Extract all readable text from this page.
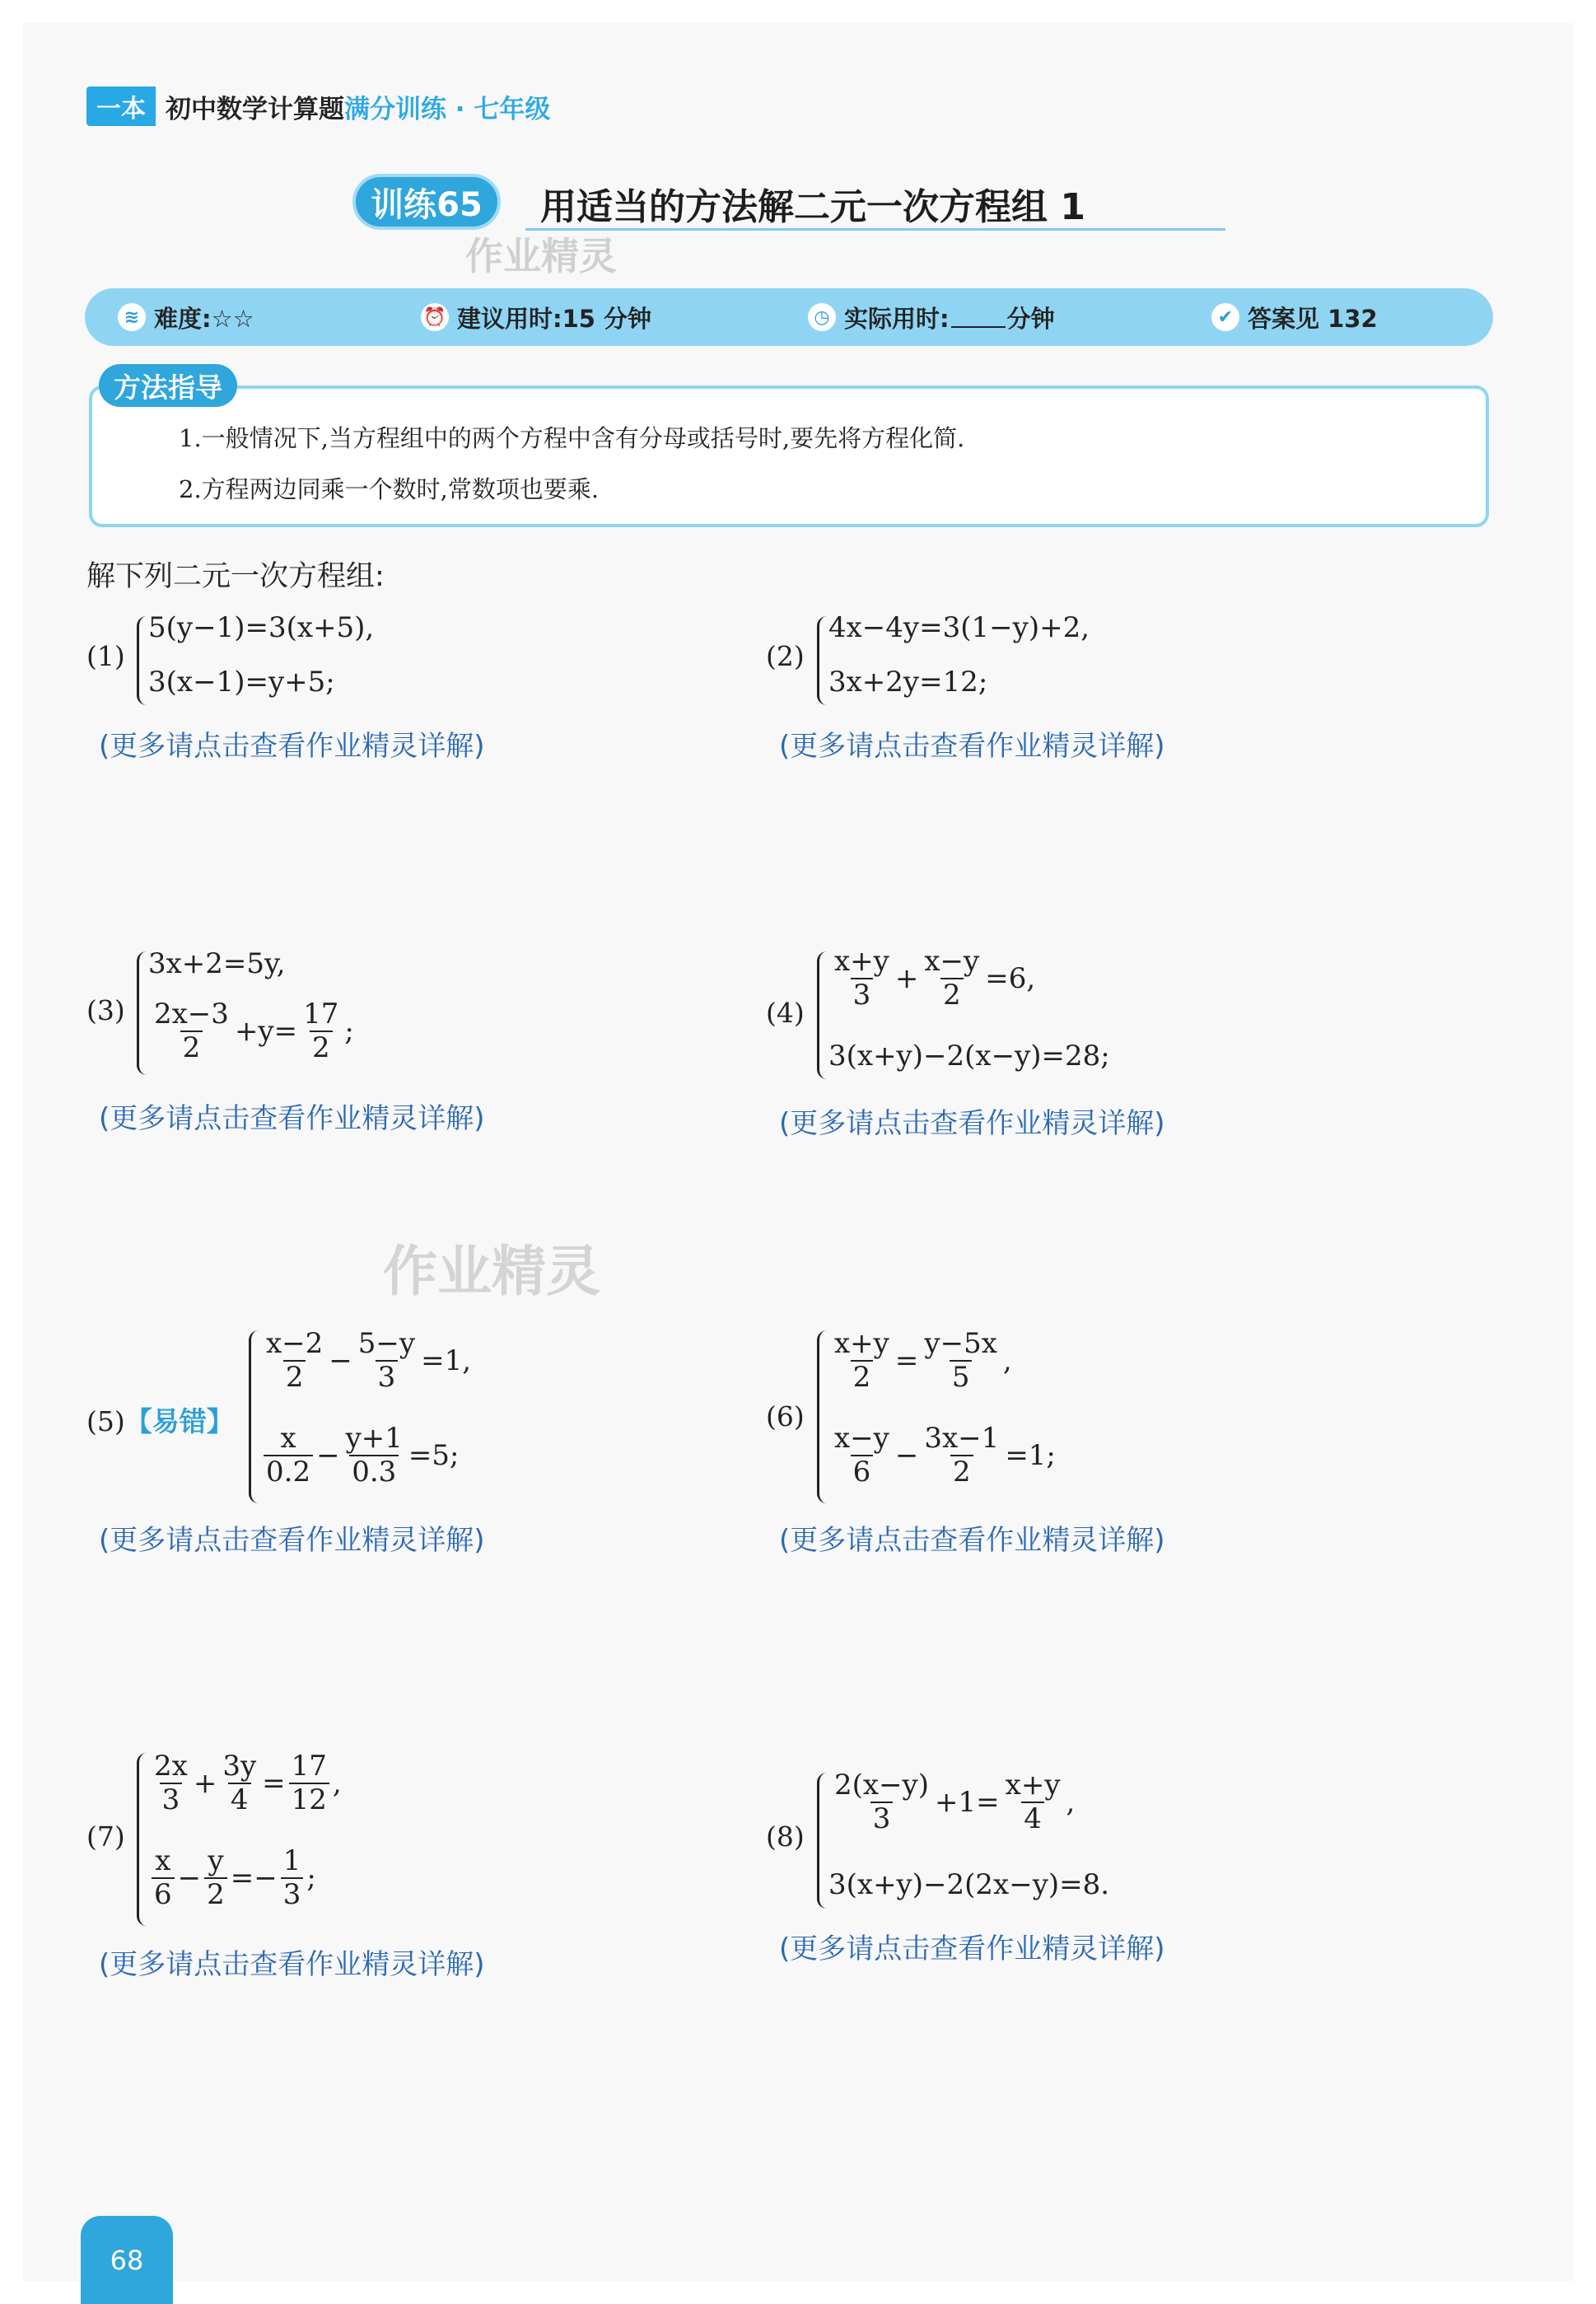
一本 初中数学计算题 满分训练 · 七年级
训练65	用适当的方法解二元一次方程组 1
作业精灵
≋ 难度:☆☆	⏰ 建议用时:15 分钟	◷ 实际用时: 分钟	✔ 答案见 132
方法指导
1.一般情况下,当方程组中的两个方程中含有分母或括号时,要先将方程化简.
2.方程两边同乘一个数时,常数项也要乘.
解下列二元一次方程组:
(1)
5(y−1)=3(x+5),
3(x−1)=y+5;
(更多请点击查看作业精灵详解)
(2)
4x−4y=3(1−y)+2,
3x+2y=12;
(更多请点击查看作业精灵详解)
(3)
3x+2=5y,
$\frac{2x-3}{2} +y= \frac{17}{2}$ ;
(更多请点击查看作业精灵详解)
(4)
$\frac{x+y}{3} + \frac{x-y}{2} =6$,
3(x+y)−2(x−y)=28;
(更多请点击查看作业精灵详解)
作业精灵
(5)【易错】
$\frac{x-2}{2} - \frac{5-y}{3} =1$,
$\frac{x}{0.2} - \frac{y+1}{0.3} =5$;
(更多请点击查看作业精灵详解)
(6)
$\frac{x+y}{2} = \frac{y-5x}{5}$ ,
$\frac{x-y}{6} - \frac{3x-1}{2} =1$;
(更多请点击查看作业精灵详解)
(7)
$\frac{2x}{3} + \frac{3y}{4} = \frac{17}{12}$ ,
$\frac{x}{6} - \frac{y}{2} =- \frac{1}{3}$ ;
(更多请点击查看作业精灵详解)
(8)
$\frac{2(x-y)}{3} +1= \frac{x+y}{4}$ ,
3(x+y)−2(2x−y)=8.
(更多请点击查看作业精灵详解)
68
